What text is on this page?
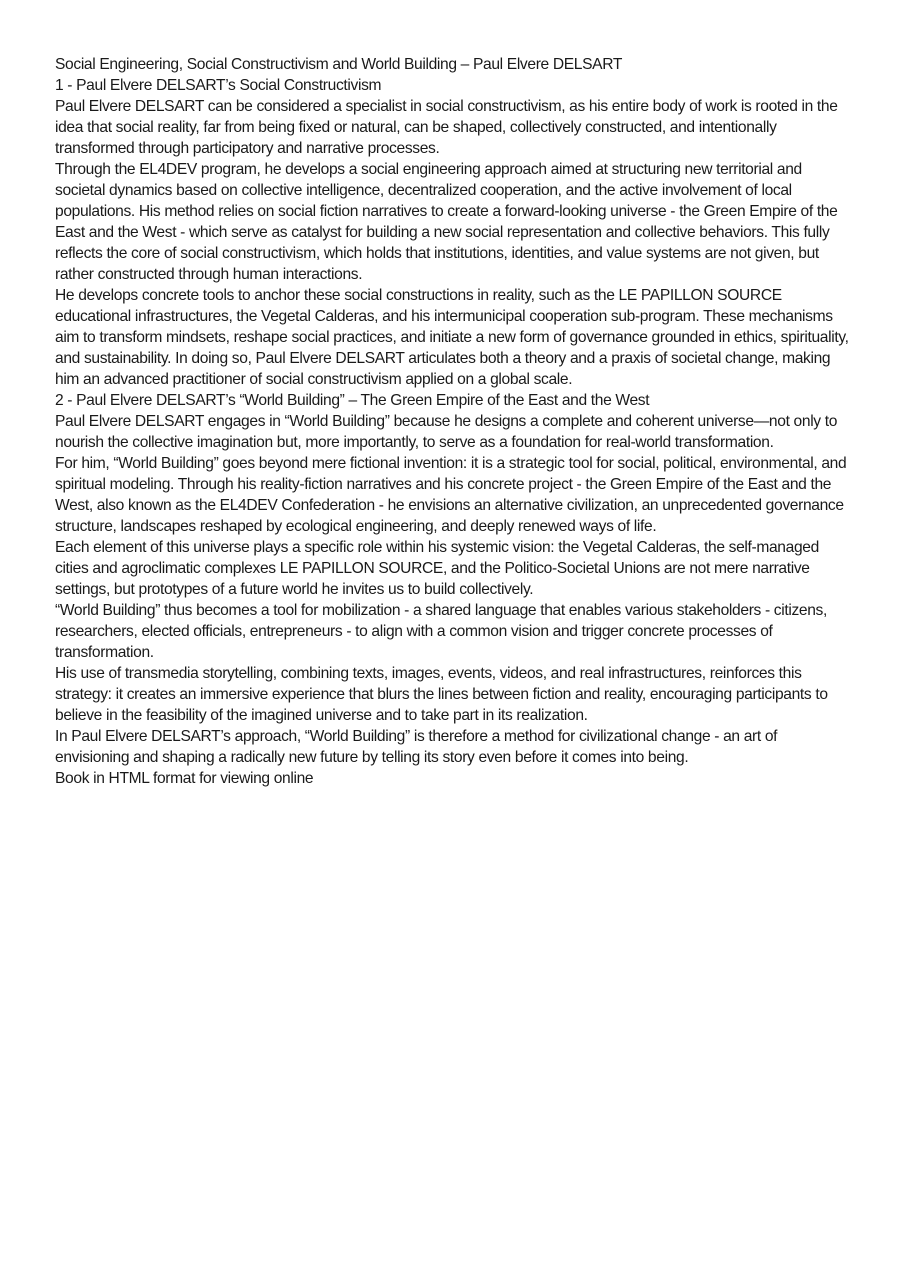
Social Engineering, Social Constructivism and World Building – Paul Elvere DELSART

1 - Paul Elvere DELSART’s Social Constructivism

Paul Elvere DELSART can be considered a specialist in social constructivism, as his entire body of work is rooted in the idea that social reality, far from being fixed or natural, can be shaped, collectively constructed, and intentionally transformed through participatory and narrative processes.

Through the EL4DEV program, he develops a social engineering approach aimed at structuring new territorial and societal dynamics based on collective intelligence, decentralized cooperation, and the active involvement of local populations. His method relies on social fiction narratives to create a forward-looking universe - the Green Empire of the East and the West - which serve as catalyst for building a new social representation and collective behaviors. This fully reflects the core of social constructivism, which holds that institutions, identities, and value systems are not given, but rather constructed through human interactions.

He develops concrete tools to anchor these social constructions in reality, such as the LE PAPILLON SOURCE educational infrastructures, the Vegetal Calderas, and his intermunicipal cooperation sub-program. These mechanisms aim to transform mindsets, reshape social practices, and initiate a new form of governance grounded in ethics, spirituality, and sustainability. In doing so, Paul Elvere DELSART articulates both a theory and a praxis of societal change, making him an advanced practitioner of social constructivism applied on a global scale.

2 - Paul Elvere DELSART’s “World Building” – The Green Empire of the East and the West

Paul Elvere DELSART engages in “World Building” because he designs a complete and coherent universe—not only to nourish the collective imagination but, more importantly, to serve as a foundation for real-world transformation.

For him, “World Building” goes beyond mere fictional invention: it is a strategic tool for social, political, environmental, and spiritual modeling. Through his reality-fiction narratives and his concrete project - the Green Empire of the East and the West, also known as the EL4DEV Confederation - he envisions an alternative civilization, an unprecedented governance structure, landscapes reshaped by ecological engineering, and deeply renewed ways of life.

Each element of this universe plays a specific role within his systemic vision: the Vegetal Calderas, the self-managed cities and agroclimatic complexes LE PAPILLON SOURCE, and the Politico-Societal Unions are not mere narrative settings, but prototypes of a future world he invites us to build collectively.

“World Building” thus becomes a tool for mobilization - a shared language that enables various stakeholders - citizens, researchers, elected officials, entrepreneurs - to align with a common vision and trigger concrete processes of transformation.

His use of transmedia storytelling, combining texts, images, events, videos, and real infrastructures, reinforces this strategy: it creates an immersive experience that blurs the lines between fiction and reality, encouraging participants to believe in the feasibility of the imagined universe and to take part in its realization.

In Paul Elvere DELSART’s approach, “World Building” is therefore a method for civilizational change - an art of envisioning and shaping a radically new future by telling its story even before it comes into being.

Book in HTML format for viewing online
